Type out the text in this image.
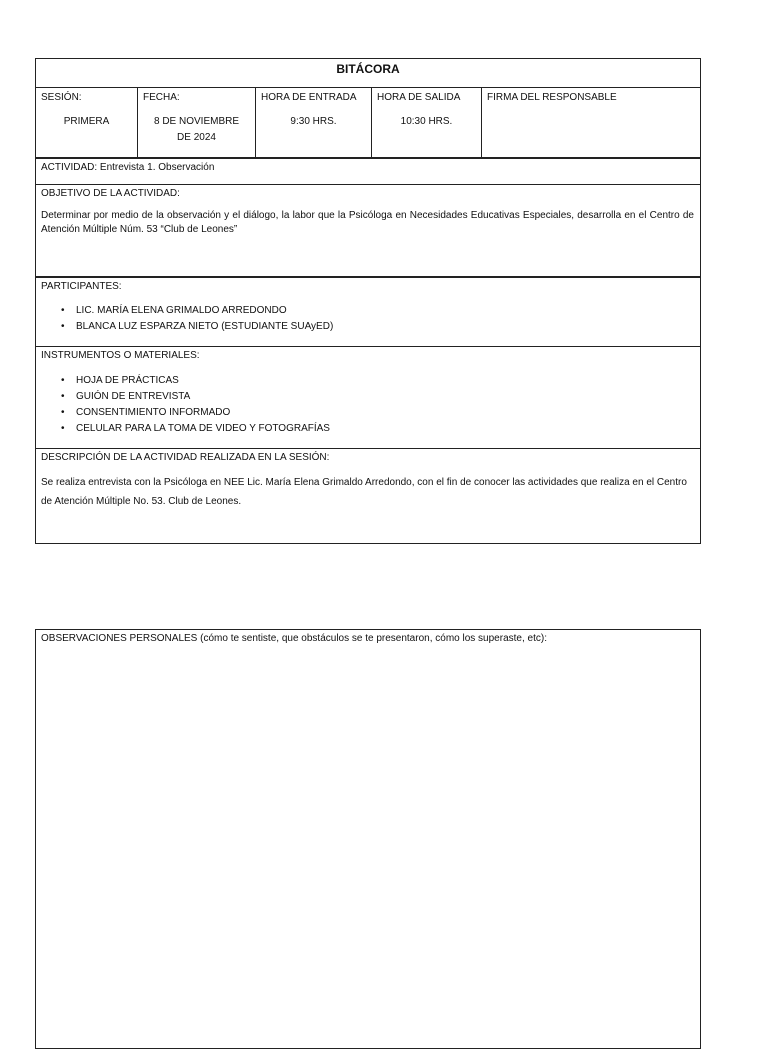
BITÁCORA
SESIÓN:
PRIMERA
FECHA:
8 DE NOVIEMBRE DE 2024
HORA DE ENTRADA
9:30 HRS.
HORA DE SALIDA
10:30 HRS.
FIRMA DEL RESPONSABLE
ACTIVIDAD: Entrevista 1. Observación
OBJETIVO DE LA ACTIVIDAD:
Determinar por medio de la observación y el diálogo, la labor que la Psicóloga en Necesidades Educativas Especiales, desarrolla en el Centro de Atención Múltiple Núm. 53 “Club de Leones”
PARTICIPANTES:
• LIC. MARÍA ELENA GRIMALDO ARREDONDO
• BLANCA LUZ ESPARZA NIETO (ESTUDIANTE SUAyED)
INSTRUMENTOS O MATERIALES:
• HOJA DE PRÁCTICAS
• GUIÓN DE ENTREVISTA
• CONSENTIMIENTO INFORMADO
• CELULAR PARA LA TOMA DE VIDEO Y FOTOGRAFÍAS
DESCRIPCIÓN DE LA ACTIVIDAD REALIZADA EN LA SESIÓN:
Se realiza entrevista con la Psicóloga en NEE Lic. María Elena Grimaldo Arredondo, con el fin de conocer las actividades que realiza en el Centro de Atención Múltiple No. 53. Club de Leones.
OBSERVACIONES PERSONALES (cómo te sentiste, que obstáculos se te presentaron, cómo los superaste, etc):
